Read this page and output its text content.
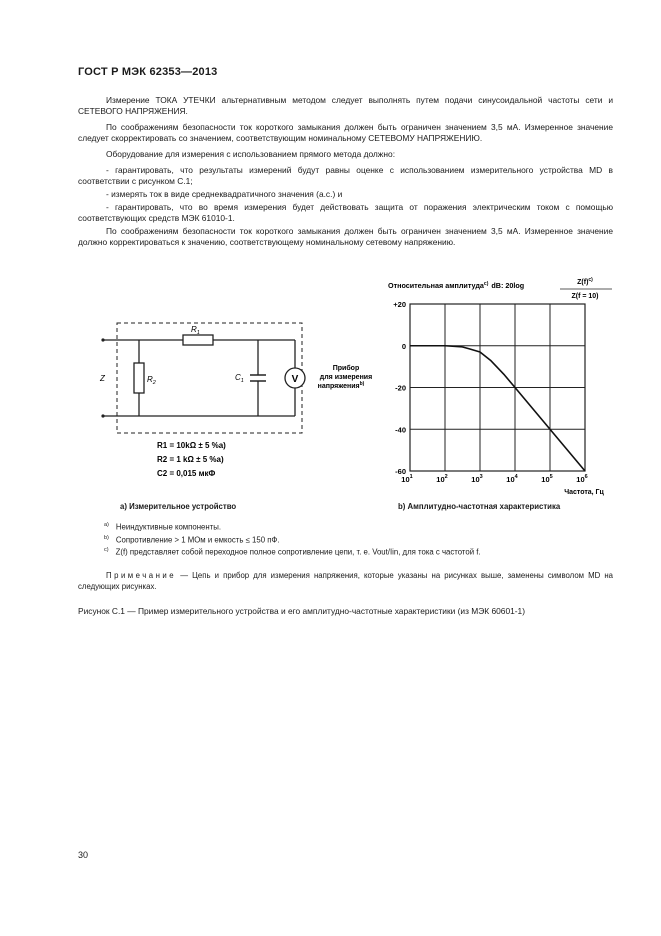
ГОСТ Р МЭК 62353—2013

Измерение ТОКА УТЕЧКИ альтернативным методом следует выполнять путем подачи синусоидальной частоты сети и СЕТЕВОГО НАПРЯЖЕНИЯ.

По соображениям безопасности ток короткого замыкания должен быть ограничен значением 3,5 мА. Измеренное значение следует скорректировать со значением, соответствующим номинальному СЕТЕВОМУ НАПРЯЖЕНИЮ.

Оборудование для измерения с использованием прямого метода должно:

- гарантировать, что результаты измерений будут равны оценке с использованием измерительного устройства MD в соответствии с рисунком C.1;

- измерять ток в виде среднеквадратичного значения (а.с.) и

- гарантировать, что во время измерения будет действовать защита от поражения электрическим током с помощью соответствующих средств МЭК 61010-1.

По соображениям безопасности ток короткого замыкания должен быть ограничен значением 3,5 мА. Измеренное значение должно корректироваться к значению, соответствующему номинальному сетевому напряжению.

V
$R_1$
$R_2$
$C_1$
Z
Прибор
для измерения
напряжения$^{b)}$
R1 = 10kΩ ± 5 %a)
R2 = 1 kΩ ± 5 %a)
C2 = 0,015 мкФ
Относительная амплитуда$^{c)}$ dB: 20log	$Z(f)^{c)}$
Z(f = 10)
Частота, Гц
+20
0
-20
-40
-60
$10^1$	$10^2$	$10^3$	$10^4$	$10^5$	$10^6$
a) Измерительное устройство	b) Амплитудно-частотная характеристика

$^{a)}$ Неиндуктивные компоненты.

$^{b)}$ Сопротивление > 1 МОм и емкость ≤ 150 пФ.

$^{c)}$ Z(f) представляет собой переходное полное сопротивление цепи, т. е. Vout/Iin, для тока с частотой f.

Примечание — Цепь и прибор для измерения напряжения, которые указаны на рисунках выше, заменены символом MD на следующих рисунках.
Рисунок С.1 — Пример измерительного устройства и его амплитудно-частотные характеристики (из МЭК 60601-1)
30
